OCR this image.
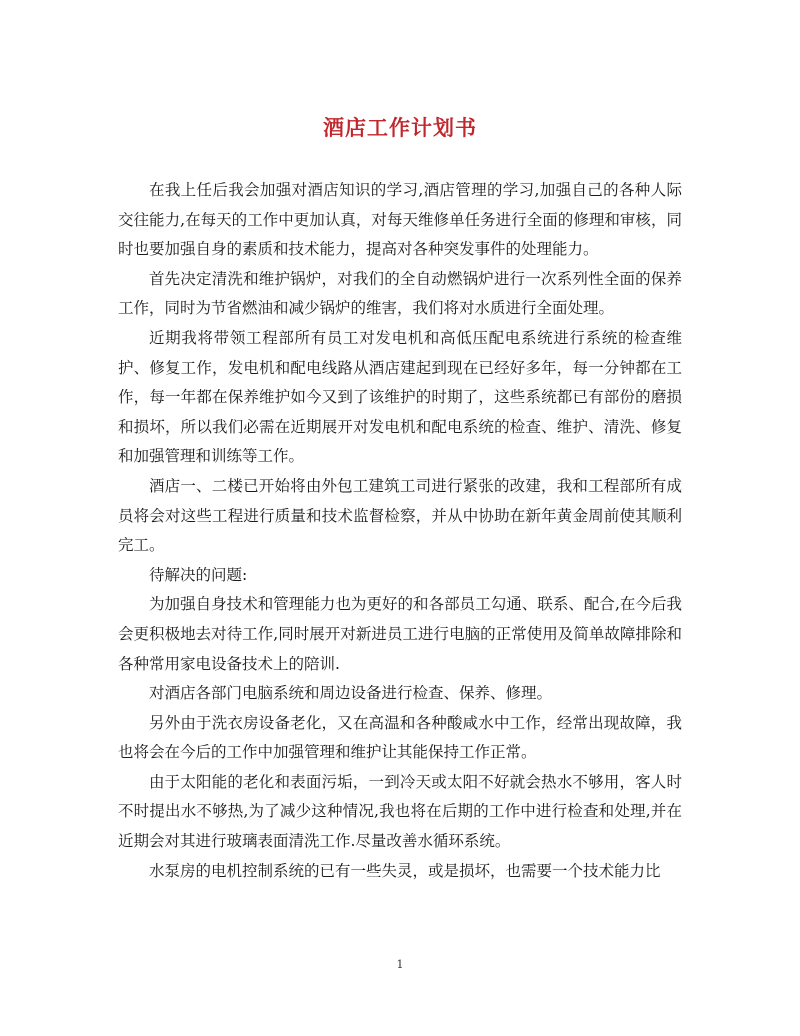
酒店工作计划书

在我上任后我会加强对酒店知识的学习,酒店管理的学习,加强自己的各种人际交往能力,在每天的工作中更加认真，对每天维修单任务进行全面的修理和审核，同时也要加强自身的素质和技术能力，提高对各种突发事件的处理能力。

首先决定清洗和维护锅炉，对我们的全自动燃锅炉进行一次系列性全面的保养工作，同时为节省燃油和减少锅炉的维害，我们将对水质进行全面处理。

近期我将带领工程部所有员工对发电机和高低压配电系统进行系统的检查维护、修复工作，发电机和配电线路从酒店建起到现在已经好多年，每一分钟都在工作，每一年都在保养维护如今又到了该维护的时期了，这些系统都已有部份的磨损和损坏，所以我们必需在近期展开对发电机和配电系统的检查、维护、清洗、修复和加强管理和训练等工作。

酒店一、二楼已开始将由外包工建筑工司进行紧张的改建，我和工程部所有成员将会对这些工程进行质量和技术监督检察，并从中协助在新年黄金周前使其顺利完工。

待解决的问题:

为加强自身技术和管理能力也为更好的和各部员工勾通、联系、配合,在今后我会更积极地去对待工作,同时展开对新进员工进行电脑的正常使用及简单故障排除和各种常用家电设备技术上的陪训.

对酒店各部门电脑系统和周边设备进行检查、保养、修理。

另外由于洗衣房设备老化，又在高温和各种酸咸水中工作，经常出现故障，我也将会在今后的工作中加强管理和维护让其能保持工作正常。

由于太阳能的老化和表面污垢，一到冷天或太阳不好就会热水不够用，客人时不时提出水不够热,为了减少这种情况,我也将在后期的工作中进行检查和处理,并在近期会对其进行玻璃表面清洗工作.尽量改善水循环系统。

水泵房的电机控制系统的已有一些失灵，或是损坏，也需要一个技术能力比

1
